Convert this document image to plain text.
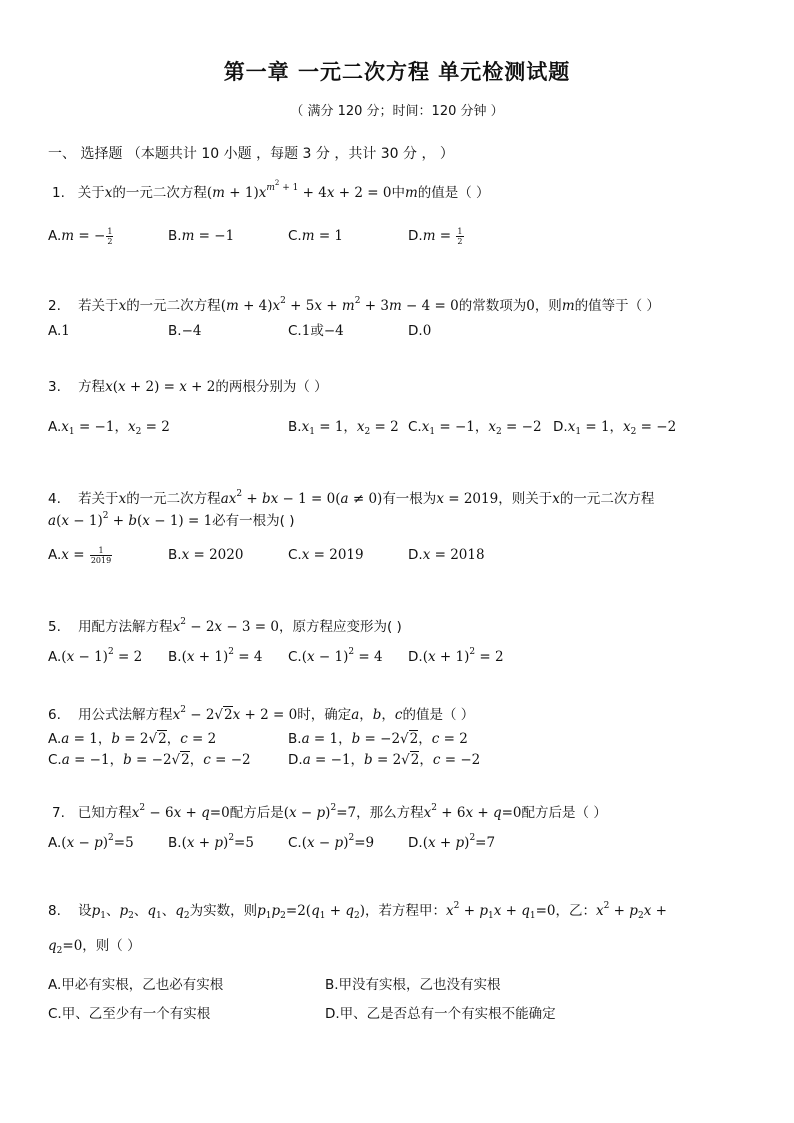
第一章 一元二次方程 单元检测试题
（ 满分 120 分；时间：120 分钟 ）
一、 选择题 （本题共计 10 小题 ，每题 3 分 ，共计 30 分 ， ）
1. 关于x的一元二次方程$(m + 1)x^{m^2 + 1} + 4x + 2 = 0$中m的值是（ ）
A.m = − $\frac{1}{2}$	B.m = −1	C.m = 1	$D.m = \frac{1}{2}$
2. 若关于x的一元二次方程$(m + 4)x^2 + 5x + m^2 + 3m - 4 = 0$的常数项为0，则m的值等于（ ）
A.1	B.−4	C.1或−4	D.0
3. 方程x(x + 2) = x + 2的两根分别为（ ）
$A.x_1 = -1$，$x_2 = 2$	$B.x_1 = 1$，$x_2 = 2$ $C.x_1 = -1$，$x_2 = -2$ $D.x_1 = 1$，$x_2 = -2$
4. 若关于x的一元二次方程$ax^2$ + bx − 1 = 0(a ≠ 0)有一根为x = 2019，则关于x的一元二次方程
$a(x - 1)^2 + b(x - 1) = 1$必有一根为( )
$A.x = \frac{1}{2019}$	B.x = 2020	C.x = 2019	D.x = 2018
5. 用配方法解方程$x^2 - 2x - 3 = 0$，原方程应变形为( )
$A.(x - 1)^2 = 2$ $B.(x + 1)^2 = 4$ $C.(x - 1)^2 = 4$ $D.(x + 1)^2 = 2$
6. 用公式法解方程$x^2 - 2√2x + 2 = 0$时，确定a，b，c的值是（ ）
A.a = 1，b = 2√2，c = 2	B.a = 1，b = −2√2，c = 2
C.a = −1，b = −2√2，c = −2	D.a = −1，b = 2√2，c = −2
7. 已知方程$x^2 - 6x + q=0$配方后是$(x - p)^2=7$，那么方程$x^2 + 6x + q=0$配方后是（ ）
$A.(x - p)^2=5$	$B.(x + p)^2=5$	$C.(x - p)^2=9$	$D.(x + p)^2=7$
8. 设$p_1$、$p_2$、$q_1$、$q_2$为实数，则$p_1p_2=2(q_1 + q_2)$，若方程甲：$x^2 + p_1x + q_1=0$，乙：$x^2 + p_2x$ +
$q_2=0$，则（ ）
A.甲必有实根，乙也必有实根	B.甲没有实根，乙也没有实根
C.甲、乙至少有一个有实根	D.甲、乙是否总有一个有实根不能确定
